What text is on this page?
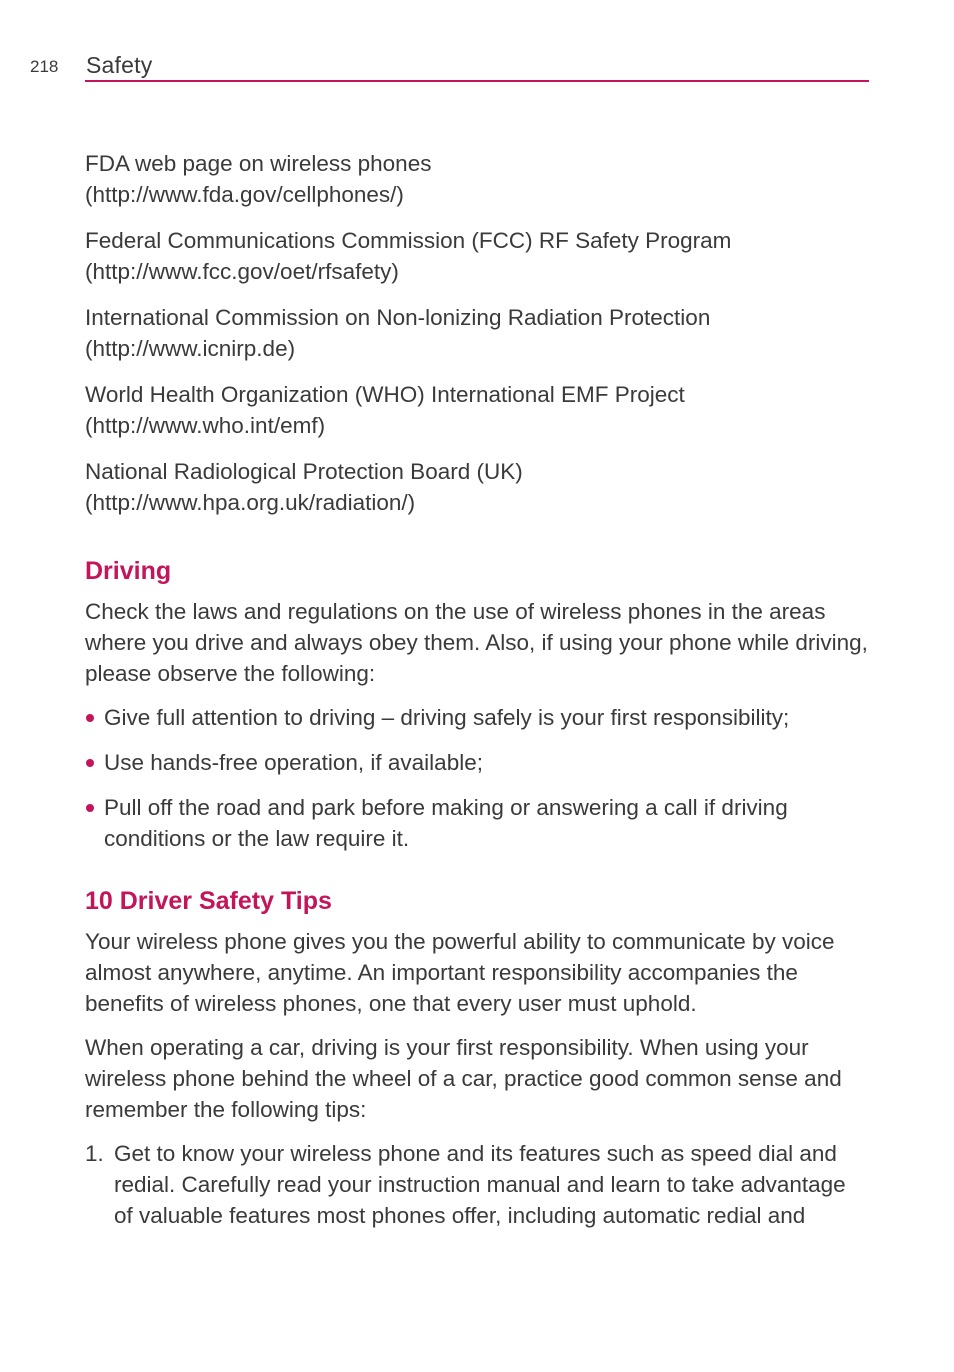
218 Safety
FDA web page on wireless phones
(http://www.fda.gov/cellphones/)
Federal Communications Commission (FCC) RF Safety Program
(http://www.fcc.gov/oet/rfsafety)
International Commission on Non-lonizing Radiation Protection
(http://www.icnirp.de)
World Health Organization (WHO) International EMF Project
(http://www.who.int/emf)
National Radiological Protection Board (UK)
(http://www.hpa.org.uk/radiation/)
Driving

Check the laws and regulations on the use of wireless phones in the areas where you drive and always obey them. Also, if using your phone while driving, please observe the following:

Give full attention to driving – driving safely is your first responsibility;
Use hands-free operation, if available;
Pull off the road and park before making or answering a call if driving conditions or the law require it.
10 Driver Safety Tips

Your wireless phone gives you the powerful ability to communicate by voice almost anywhere, anytime. An important responsibility accompanies the benefits of wireless phones, one that every user must uphold.

When operating a car, driving is your first responsibility. When using your wireless phone behind the wheel of a car, practice good common sense and remember the following tips:

1. Get to know your wireless phone and its features such as speed dial and redial. Carefully read your instruction manual and learn to take advantage of valuable features most phones offer, including automatic redial and
